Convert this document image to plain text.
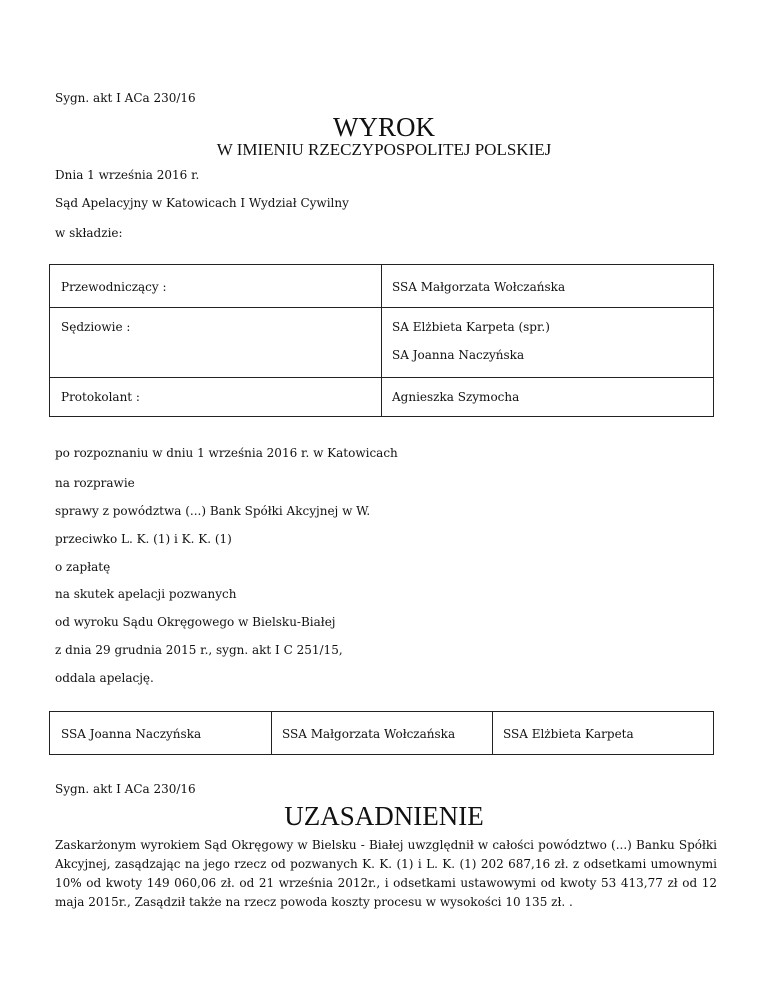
Sygn. akt I ACa 230/16
WYROK
W IMIENIU RZECZYPOSPOLITEJ POLSKIEJ
Dnia 1 września 2016 r.
Sąd Apelacyjny w Katowicach I Wydział Cywilny
w składzie:
Przewodniczący :	SSA Małgorzata Wołczańska
Sędziowie :	SA Elżbieta Karpeta (spr.)
SA Joanna Naczyńska
Protokolant :	Agnieszka Szymocha
po rozpoznaniu w dniu 1 września 2016 r. w Katowicach
na rozprawie
sprawy z powództwa (...) Bank Spółki Akcyjnej w W.
przeciwko L. K. (1) i K. K. (1)
o zapłatę
na skutek apelacji pozwanych
od wyroku Sądu Okręgowego w Bielsku-Białej
z dnia 29 grudnia 2015 r., sygn. akt I C 251/15,
oddala apelację.
SSA Joanna Naczyńska	SSA Małgorzata Wołczańska	SSA Elżbieta Karpeta
Sygn. akt I ACa 230/16
UZASADNIENIE
Zaskarżonym wyrokiem Sąd Okręgowy w Bielsku - Białej uwzględnił w całości powództwo (...) Banku Spółki Akcyjnej, zasądzając na jego rzecz od pozwanych K. K. (1) i L. K. (1) 202 687,16 zł. z odsetkami umownymi 10% od kwoty 149 060,06 zł. od 21 września 2012r., i odsetkami ustawowymi od kwoty 53 413,77 zł od 12 maja 2015r., Zasądził także na rzecz powoda koszty procesu w wysokości 10 135 zł. .
